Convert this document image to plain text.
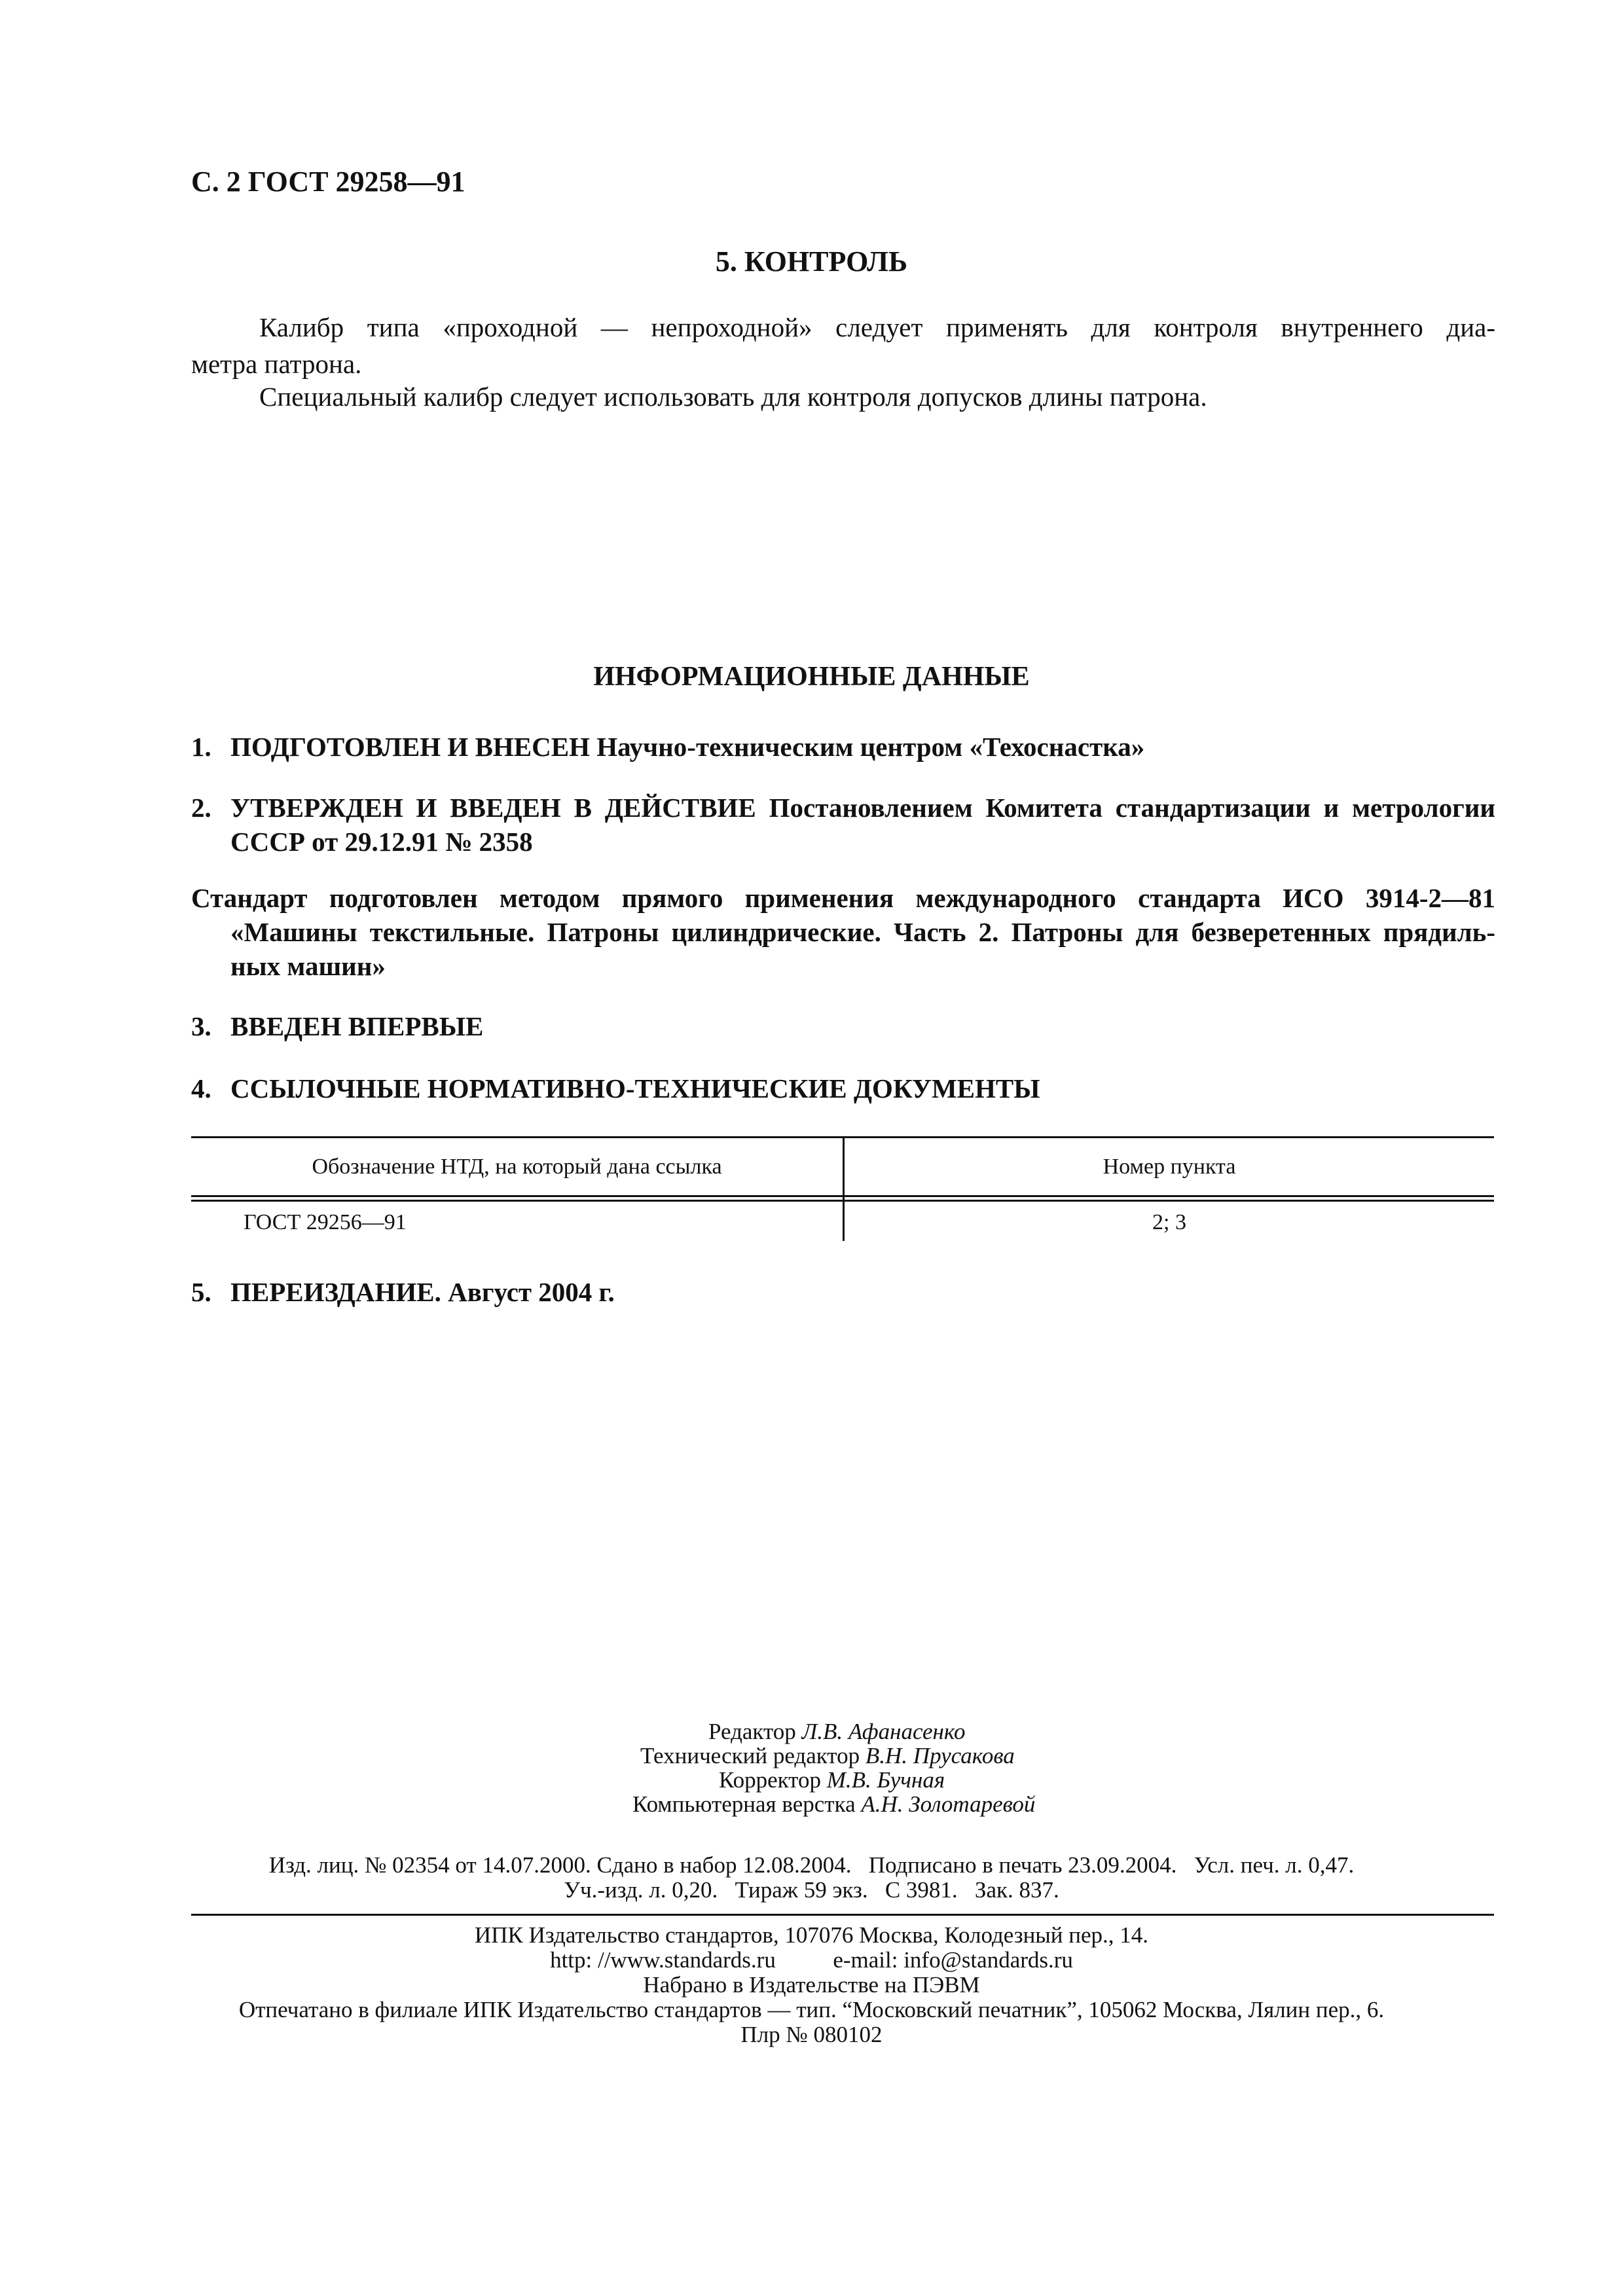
С. 2 ГОСТ 29258—91
5. КОНТРОЛЬ
Калибр типа «проходной — непроходной» следует применять для контроля внутреннего диа-
метра патрона.
Специальный калибр следует использовать для контроля допусков длины патрона.
ИНФОРМАЦИОННЫЕ ДАННЫЕ
1. ПОДГОТОВЛЕН И ВНЕСЕН Научно-техническим центром «Техоснастка»
2. УТВЕРЖДЕН И ВВЕДЕН В ДЕЙСТВИЕ Постановлением Комитета стандартизации и метрологии
СССР от 29.12.91 № 2358
Стандарт подготовлен методом прямого применения международного стандарта ИСО 3914-2—81
«Машины текстильные. Патроны цилиндрические. Часть 2. Патроны для безверетенных прядиль-
ных машин»
3. ВВЕДЕН ВПЕРВЫЕ
4. ССЫЛОЧНЫЕ НОРМАТИВНО-ТЕХНИЧЕСКИЕ ДОКУМЕНТЫ
Обозначение НТД, на который дана ссылка	Номер пункта
ГОСТ 29256—91	2; 3
5. ПЕРЕИЗДАНИЕ. Август 2004 г.
Редактор Л.В. Афанасенко
Технический редактор В.Н. Прусакова
Корректор М.В. Бучная
Компьютерная верстка А.Н. Золотаревой
Изд. лиц. № 02354 от 14.07.2000. Сдано в набор 12.08.2004.   Подписано в печать 23.09.2004.   Усл. печ. л. 0,47.
Уч.-изд. л. 0,20.   Тираж 59 экз.   С 3981.   Зак. 837.
ИПК Издательство стандартов, 107076 Москва, Колодезный пер., 14.
http: //www.standards.ru          e-mail: info@standards.ru
Набрано в Издательстве на ПЭВМ
Отпечатано в филиале ИПК Издательство стандартов — тип. “Московский печатник”, 105062 Москва, Лялин пер., 6.
Плр № 080102
